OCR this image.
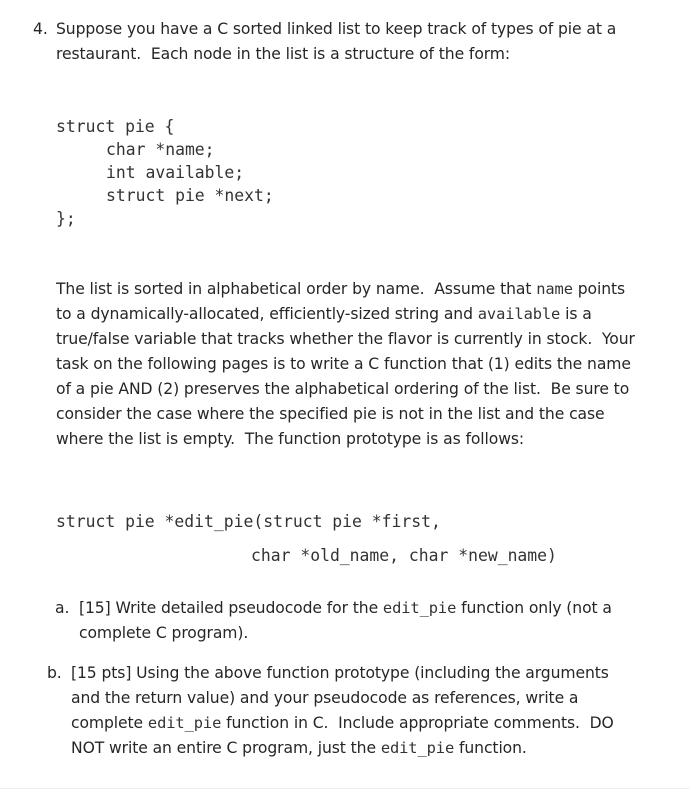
4. Suppose you have a C sorted linked list to keep track of types of pie at a
restaurant.  Each node in the list is a structure of the form:
struct pie {
char *name;
int available;
struct pie *next;
};
The list is sorted in alphabetical order by name.  Assume that name points
to a dynamically-allocated, efficiently-sized string and available is a
true/false variable that tracks whether the flavor is currently in stock.  Your
task on the following pages is to write a C function that (1) edits the name
of a pie AND (2) preserves the alphabetical ordering of the list.  Be sure to
consider the case where the specified pie is not in the list and the case
where the list is empty.  The function prototype is as follows:
struct pie *edit_pie(struct pie *first,
char *old_name, char *new_name)
a. [15] Write detailed pseudocode for the edit_pie function only (not a
complete C program).
b. [15 pts] Using the above function prototype (including the arguments
and the return value) and your pseudocode as references, write a
complete edit_pie function in C.  Include appropriate comments.  DO
NOT write an entire C program, just the edit_pie function.
